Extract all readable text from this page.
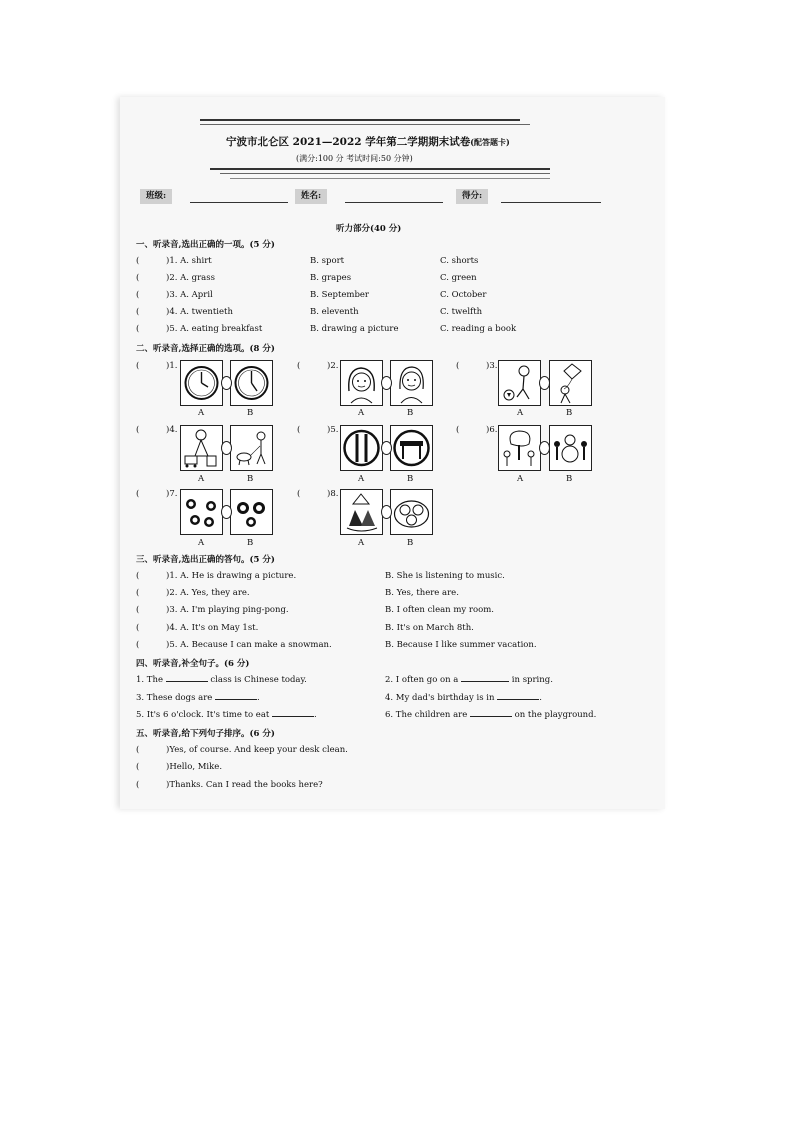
宁波市北仑区 2021—2022 学年第二学期期末试卷(配答题卡)
(满分:100 分 考试时间:50 分钟)
班级:	姓名:	得分:
听力部分(40 分)
一、听录音,选出正确的一项。(5 分)
(	)1. A. shirt	B. sport	C. shorts
(	)2. A. grass	B. grapes	C. green
(	)3. A. April	B. September	C. October
(	)4. A. twentieth	B. eleventh	C. twelfth
(	)5. A. eating breakfast	B. drawing a picture	C. reading a book
二、听录音,选择正确的选项。(8 分)
(	)1.
A	B
(	)2.
A	B
(	)3.
A	B
(	)4.
A	B
(	)5.
A	B
(	)6.
A	B
(	)7.
A	B
(	)8.
A	B
三、听录音,选出正确的答句。(5 分)
(	)1. A. He is drawing a picture.	B. She is listening to music.
(	)2. A. Yes, they are.	B. Yes, there are.
(	)3. A. I'm playing ping-pong.	B. I often clean my room.
(	)4. A. It's on May 1st.	B. It's on March 8th.
(	)5. A. Because I can make a snowman.	B. Because I like summer vacation.
四、听录音,补全句子。(6 分)
1. The	class is Chinese today.	2. I often go on a	in spring.
3. These dogs are	.	4. My dad's birthday is in	.
5. It's 6 o'clock. It's time to eat	.	6. The children are	on the playground.
五、听录音,给下列句子排序。(6 分)
(	)Yes, of course. And keep your desk clean.
(	)Hello, Mike.
(	)Thanks. Can I read the books here?
